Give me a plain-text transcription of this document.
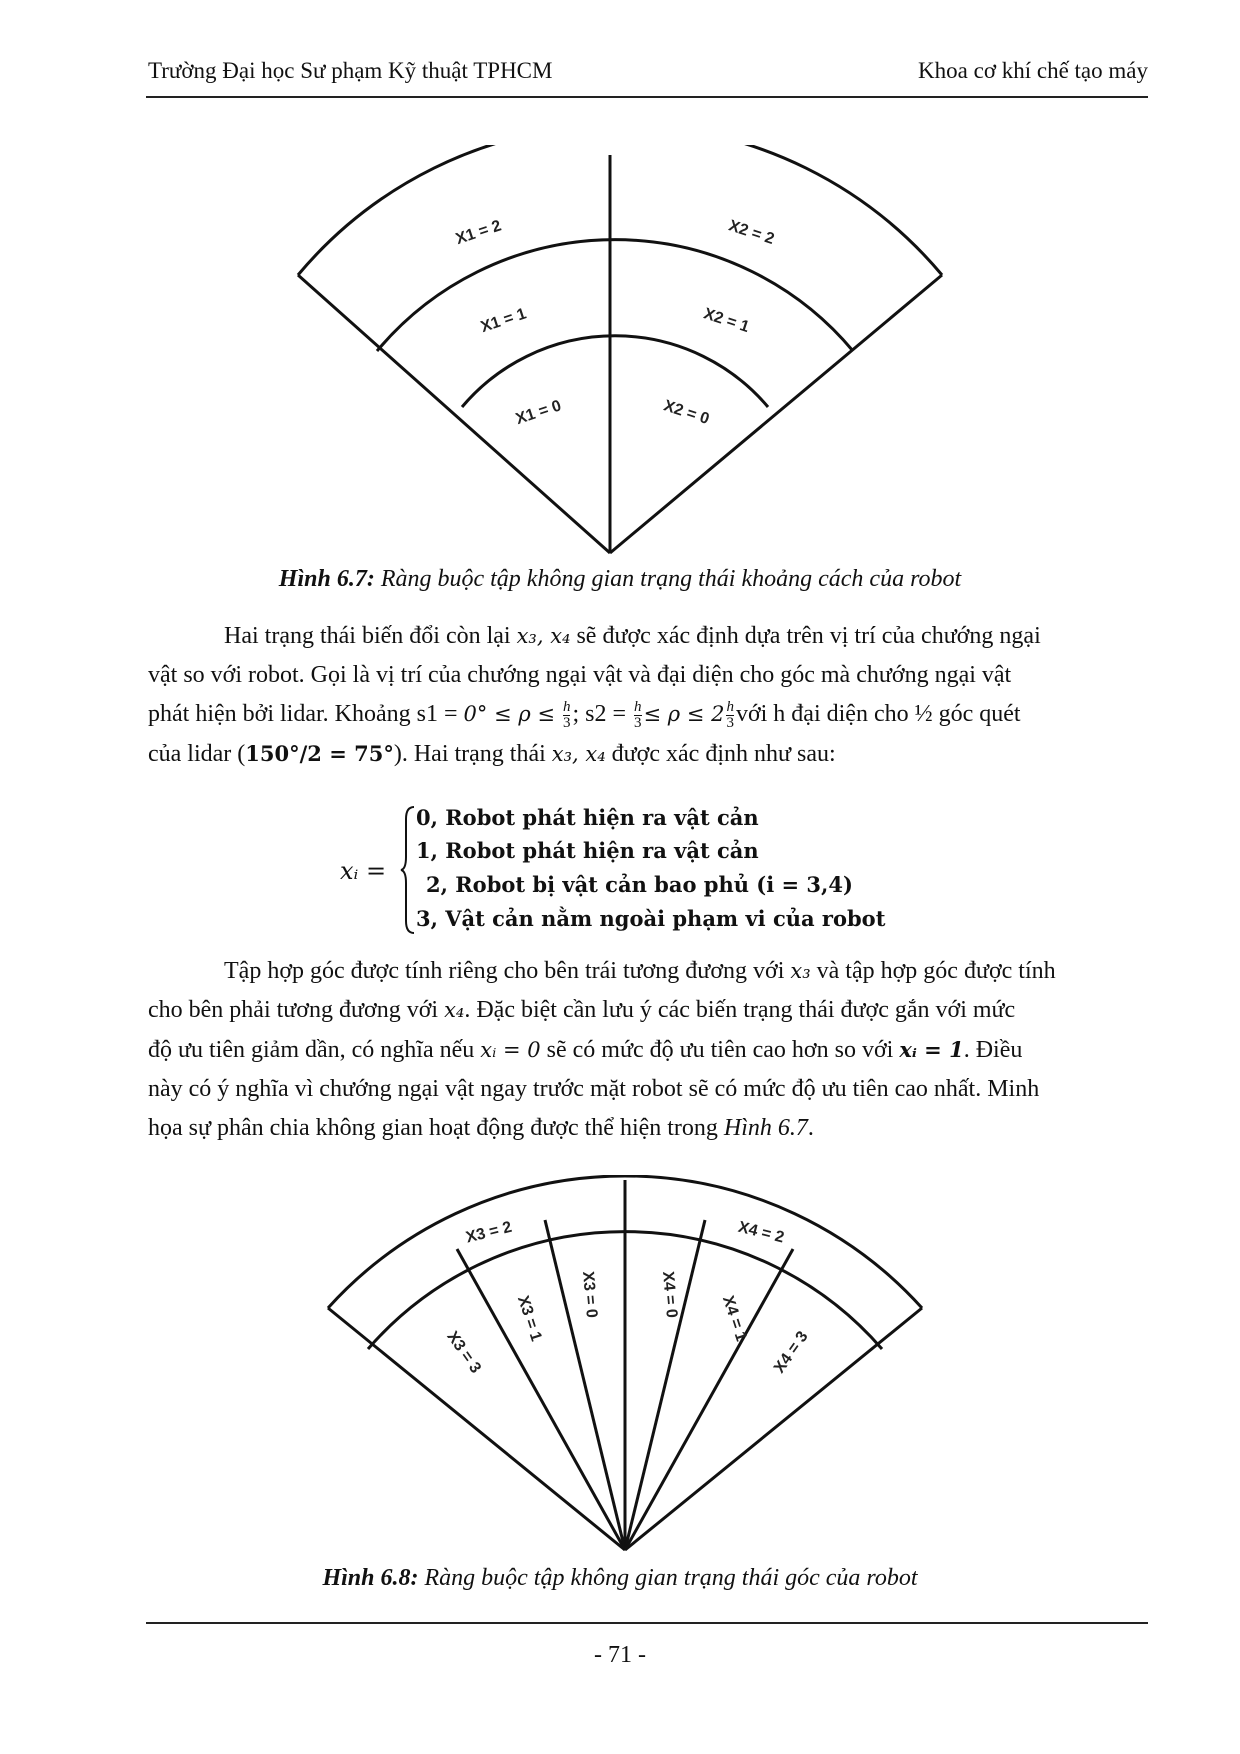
Trường Đại học Sư phạm Kỹ thuật TPHCM	Khoa cơ khí chế tạo máy
X1 = 2	X2 = 2
X1 = 1	X2 = 1
X1 = 0	X2 = 0
Hình 6.7: Ràng buộc tập không gian trạng thái khoảng cách của robot
Hai trạng thái biến đổi còn lại x₃, x₄ sẽ được xác định dựa trên vị trí của chướng ngại
vật so với robot. Gọi là vị trí của chướng ngại vật và đại diện cho góc mà chướng ngại vật
phát hiện bởi lidar. Khoảng $s1 = 0^\circ \le \rho \le \frac{h}{3}$ ; $s2 = \frac{h}{3} \le \rho \le 2 \frac{h}{3}$ với h đại diện cho ½ góc quét
của lidar (150°/2 = 75°). Hai trạng thái x₃, x₄ được xác định như sau:
xᵢ =
0, Robot phát hiện ra vật cản
1, Robot phát hiện ra vật cản
2, Robot bị vật cản bao phủ (i = 3,4)
3, Vật cản nằm ngoài phạm vi của robot
Tập hợp góc được tính riêng cho bên trái tương đương với x₃ và tập hợp góc được tính
cho bên phải tương đương với x₄. Đặc biệt cần lưu ý các biến trạng thái được gắn với mức
độ ưu tiên giảm dần, có nghĩa nếu xᵢ = 0 sẽ có mức độ ưu tiên cao hơn so với xᵢ = 1. Điều
này có ý nghĩa vì chướng ngại vật ngay trước mặt robot sẽ có mức độ ưu tiên cao nhất. Minh
họa sự phân chia không gian hoạt động được thể hiện trong Hình 6.7.
X3 = 2	X4 = 2
X3 = 3
X3 = 1 X3 = 0	X4 = 0 X4 = 1
X4 = 3
Hình 6.8: Ràng buộc tập không gian trạng thái góc của robot
- 71 -
